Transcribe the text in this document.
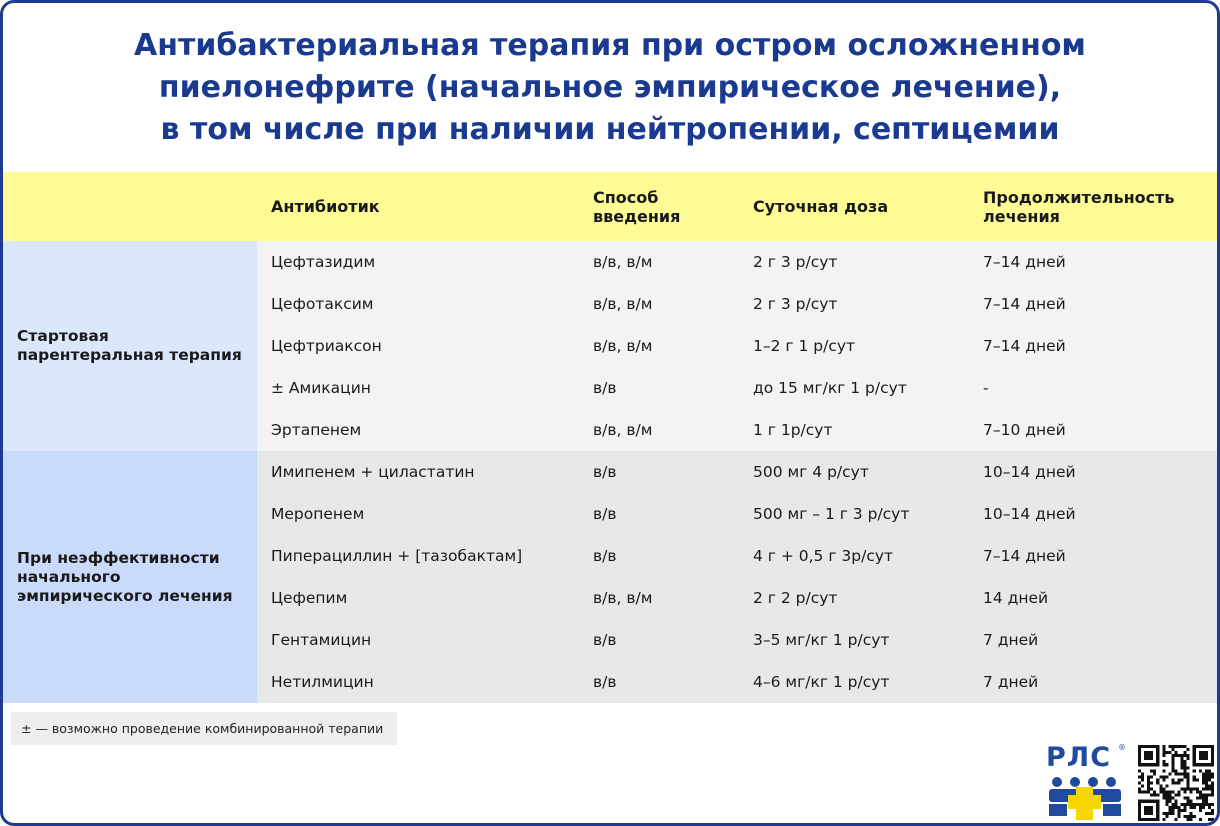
Антибактериальная терапия при остром осложненном
пиелонефрите (начальное эмпирическое лечение),
в том числе при наличии нейтропении, септицемии
	Антибиотик	Способ введения	Суточная доза	Продолжительность лечения
Стартовая парентеральная терапия	Цефтазидим	в/в, в/м	2 г 3 р/сут	7–14 дней
	Цефотаксим	в/в, в/м	2 г 3 р/сут	7–14 дней
	Цефтриаксон	в/в, в/м	1–2 г 1 р/сут	7–14 дней
	± Амикацин	в/в	до 15 мг/кг 1 р/сут	-
	Эртапенем	в/в, в/м	1 г 1р/сут	7–10 дней
При неэффективности начального эмпирического лечения	Имипенем + циластатин	в/в	500 мг 4 р/сут	10–14 дней
	Меропенем	в/в	500 мг – 1 г 3 р/сут	10–14 дней
	Пиперациллин + [тазобактам]	в/в	4 г + 0,5 г 3р/сут	7–14 дней
	Цефепим	в/в, в/м	2 г 2 р/сут	14 дней
	Гентамицин	в/в	3–5 мг/кг 1 р/сут	7 дней
	Нетилмицин	в/в	4–6 мг/кг 1 р/сут	7 дней
± — возможно проведение комбинированной терапии
РЛС ®
